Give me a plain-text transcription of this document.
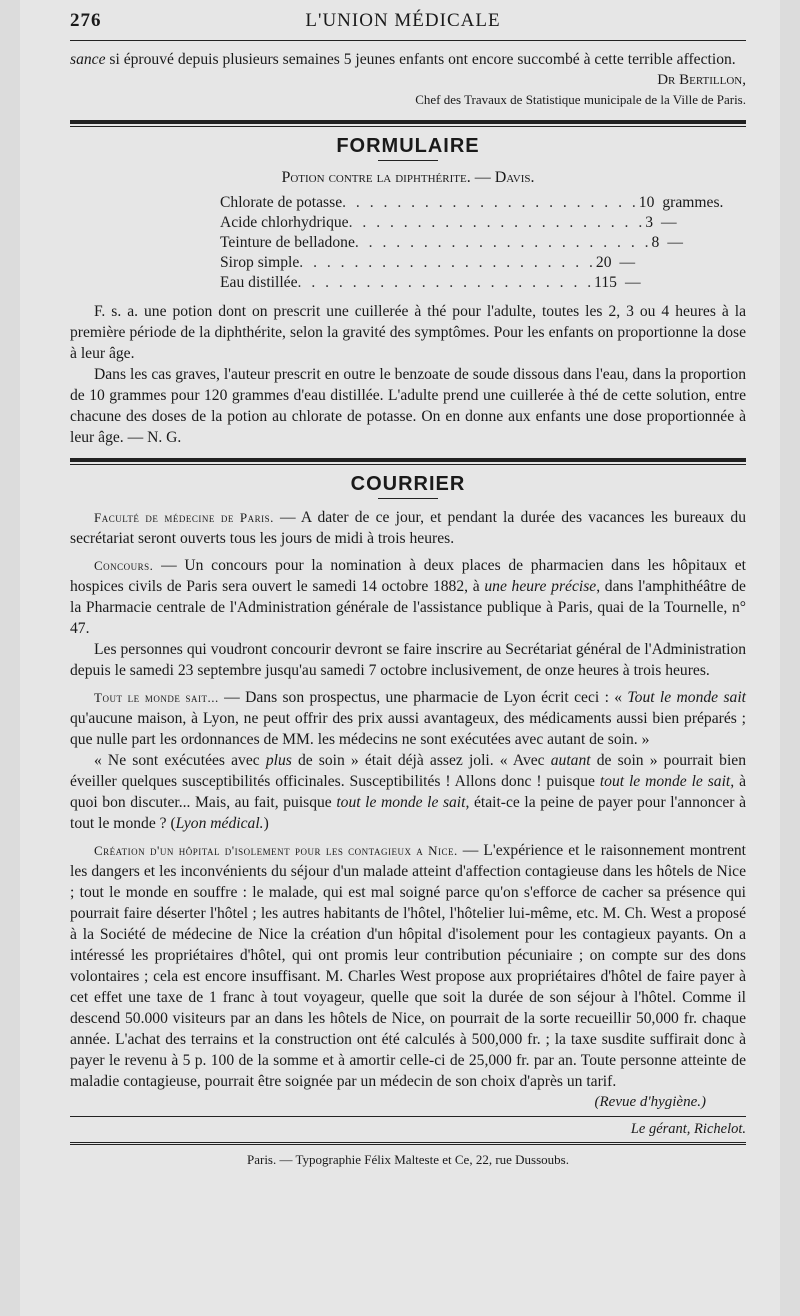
276	L'UNION MÉDICALE

sance si éprouvé depuis plusieurs semaines 5 jeunes enfants ont encore succombé à cette terrible affection.

Dr Bertillon,

Chef des Travaux de Statistique municipale de la Ville de Paris.

FORMULAIRE
Potion contre la diphthérite. — Davis.
Chlorate de potasse . . . . . . . . . . . . . . . . . . . . . . 10 grammes.
Acide chlorhydrique . . . . . . . . . . . . . . . . . . . . . . 3 —
Teinture de belladone . . . . . . . . . . . . . . . . . . . . . . 8 —
Sirop simple . . . . . . . . . . . . . . . . . . . . . . 20 —
Eau distillée . . . . . . . . . . . . . . . . . . . . . . 115 —

F. s. a. une potion dont on prescrit une cuillerée à thé pour l'adulte, toutes les 2, 3 ou 4 heures à la première période de la diphthérite, selon la gravité des symptômes. Pour les enfants on proportionne la dose à leur âge.

Dans les cas graves, l'auteur prescrit en outre le benzoate de soude dissous dans l'eau, dans la proportion de 10 grammes pour 120 grammes d'eau distillée. L'adulte prend une cuillerée à thé de cette solution, entre chacune des doses de la potion au chlorate de potasse. On en donne aux enfants une dose proportionnée à leur âge. — N. G.

COURRIER

Faculté de médecine de Paris. — A dater de ce jour, et pendant la durée des vacances les bureaux du secrétariat seront ouverts tous les jours de midi à trois heures.

Concours. — Un concours pour la nomination à deux places de pharmacien dans les hôpitaux et hospices civils de Paris sera ouvert le samedi 14 octobre 1882, à une heure précise, dans l'amphithéâtre de la Pharmacie centrale de l'Administration générale de l'assistance publique à Paris, quai de la Tournelle, n° 47.

Les personnes qui voudront concourir devront se faire inscrire au Secrétariat général de l'Administration depuis le samedi 23 septembre jusqu'au samedi 7 octobre inclusivement, de onze heures à trois heures.

Tout le monde sait... — Dans son prospectus, une pharmacie de Lyon écrit ceci : « Tout le monde sait qu'aucune maison, à Lyon, ne peut offrir des prix aussi avantageux, des médicaments aussi bien préparés ; que nulle part les ordonnances de MM. les médecins ne sont exécutées avec autant de soin. »

« Ne sont exécutées avec plus de soin » était déjà assez joli. « Avec autant de soin » pourrait bien éveiller quelques susceptibilités officinales. Susceptibilités ! Allons donc ! puisque tout le monde le sait, à quoi bon discuter... Mais, au fait, puisque tout le monde le sait, était-ce la peine de payer pour l'annoncer à tout le monde ? (Lyon médical.)

Création d'un hôpital d'isolement pour les contagieux a Nice. — L'expérience et le raisonnement montrent les dangers et les inconvénients du séjour d'un malade atteint d'affection contagieuse dans les hôtels de Nice ; tout le monde en souffre : le malade, qui est mal soigné parce qu'on s'efforce de cacher sa présence qui pourrait faire déserter l'hôtel ; les autres habitants de l'hôtel, l'hôtelier lui-même, etc. M. Ch. West a proposé à la Société de médecine de Nice la création d'un hôpital d'isolement pour les contagieux payants. On a intéressé les propriétaires d'hôtel, qui ont promis leur contribution pécuniaire ; on compte sur des dons volontaires ; cela est encore insuffisant. M. Charles West propose aux propriétaires d'hôtel de faire payer à cet effet une taxe de 1 franc à tout voyageur, quelle que soit la durée de son séjour à l'hôtel. Comme il descend 50.000 visiteurs par an dans les hôtels de Nice, on pourrait de la sorte recueillir 50,000 fr. chaque année. L'achat des terrains et la construction ont été calculés à 500,000 fr. ; la taxe susdite suffirait donc à payer le revenu à 5 p. 100 de la somme et à amortir celle-ci de 25,000 fr. par an. Toute personne atteinte de maladie contagieuse, pourrait être soignée par un médecin de son choix d'après un tarif.

(Revue d'hygiène.)

Le gérant, Richelot.
Paris. — Typographie Félix Malteste et Ce, 22, rue Dussoubs.
